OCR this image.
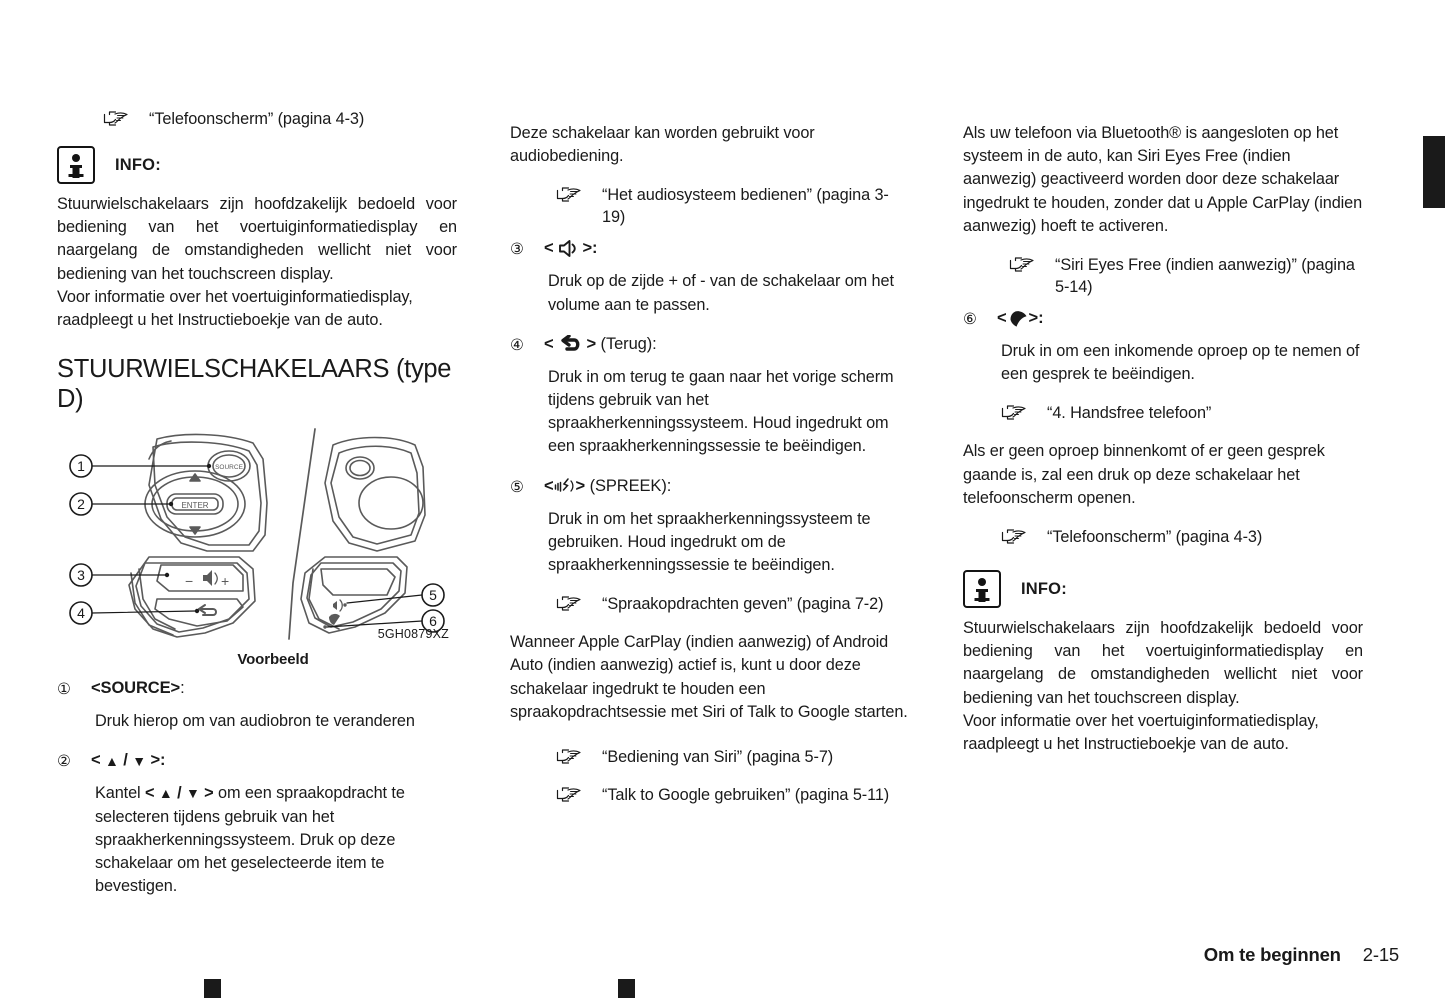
“Telefoonscherm” (pagina 4-3)
INFO:

Stuurwielschakelaars zijn hoofdzakelijk bedoeld voor bediening van het voertuiginformatiedisplay en naargelang de omstandigheden wellicht niet voor bediening van het touchscreen display.

Voor informatie over het voertuiginformatiedisplay, raadpleegt u het Instructieboekje van de auto.

STUURWIELSCHAKELAARS (type D)
SOURCE
ENTER
− +
1
2
3
4
5
6
5GH0879XZ
Voorbeeld
①	<SOURCE> :
Druk hierop om van audiobron te veranderen
②	<
▲
/
▼
>:
Kantel < ▲ / ▼ > om een spraakopdracht te selecteren tijdens gebruik van het spraakherkenningssysteem. Druk op deze schakelaar om het geselecteerde item te bevestigen.

Deze schakelaar kan worden gebruikt voor audiobediening.

“Het audiosysteem bedienen” (pagina 3-19)
③	<

>:
Druk op de zijde + of - van de schakelaar om het volume aan te passen.
④	<

>
(Terug):
Druk in om terug te gaan naar het vorige scherm tijdens gebruik van het spraakherkenningssysteem. Houd ingedrukt om een spraakherkenningssessie te beëindigen.
⑤	< >
(SPREEK):
Druk in om het spraakherkenningssysteem te gebruiken. Houd ingedrukt om de spraakherkenningssessie te beëindigen.
“Spraakopdrachten geven” (pagina 7-2)

Wanneer Apple CarPlay (indien aanwezig) of Android Auto (indien aanwezig) actief is, kunt u door deze schakelaar ingedrukt te houden een spraakopdrachtsessie met Siri of Talk to Google starten.

“Bediening van Siri” (pagina 5-7)
“Talk to Google gebruiken” (pagina 5-11)

Als uw telefoon via Bluetooth® is aangesloten op het systeem in de auto, kan Siri Eyes Free (indien aanwezig) geactiveerd worden door deze schakelaar ingedrukt te houden, zonder dat u Apple CarPlay (indien aanwezig) hoeft te activeren.

“Siri Eyes Free (indien aanwezig)” (pagina 5-14)
⑥	< >:
Druk in om een inkomende oproep op te nemen of een gesprek te beëindigen.
“4. Handsfree telefoon”

Als er geen oproep binnenkomt of er geen gesprek gaande is, zal een druk op deze schakelaar het telefoonscherm openen.

“Telefoonscherm” (pagina 4-3)
INFO:

Stuurwielschakelaars zijn hoofdzakelijk bedoeld voor bediening van het voertuiginformatiedisplay en naargelang de omstandigheden wellicht niet voor bediening van het touchscreen display.

Voor informatie over het voertuiginformatiedisplay, raadpleegt u het Instructieboekje van de auto.

Om te beginnen 2-15
